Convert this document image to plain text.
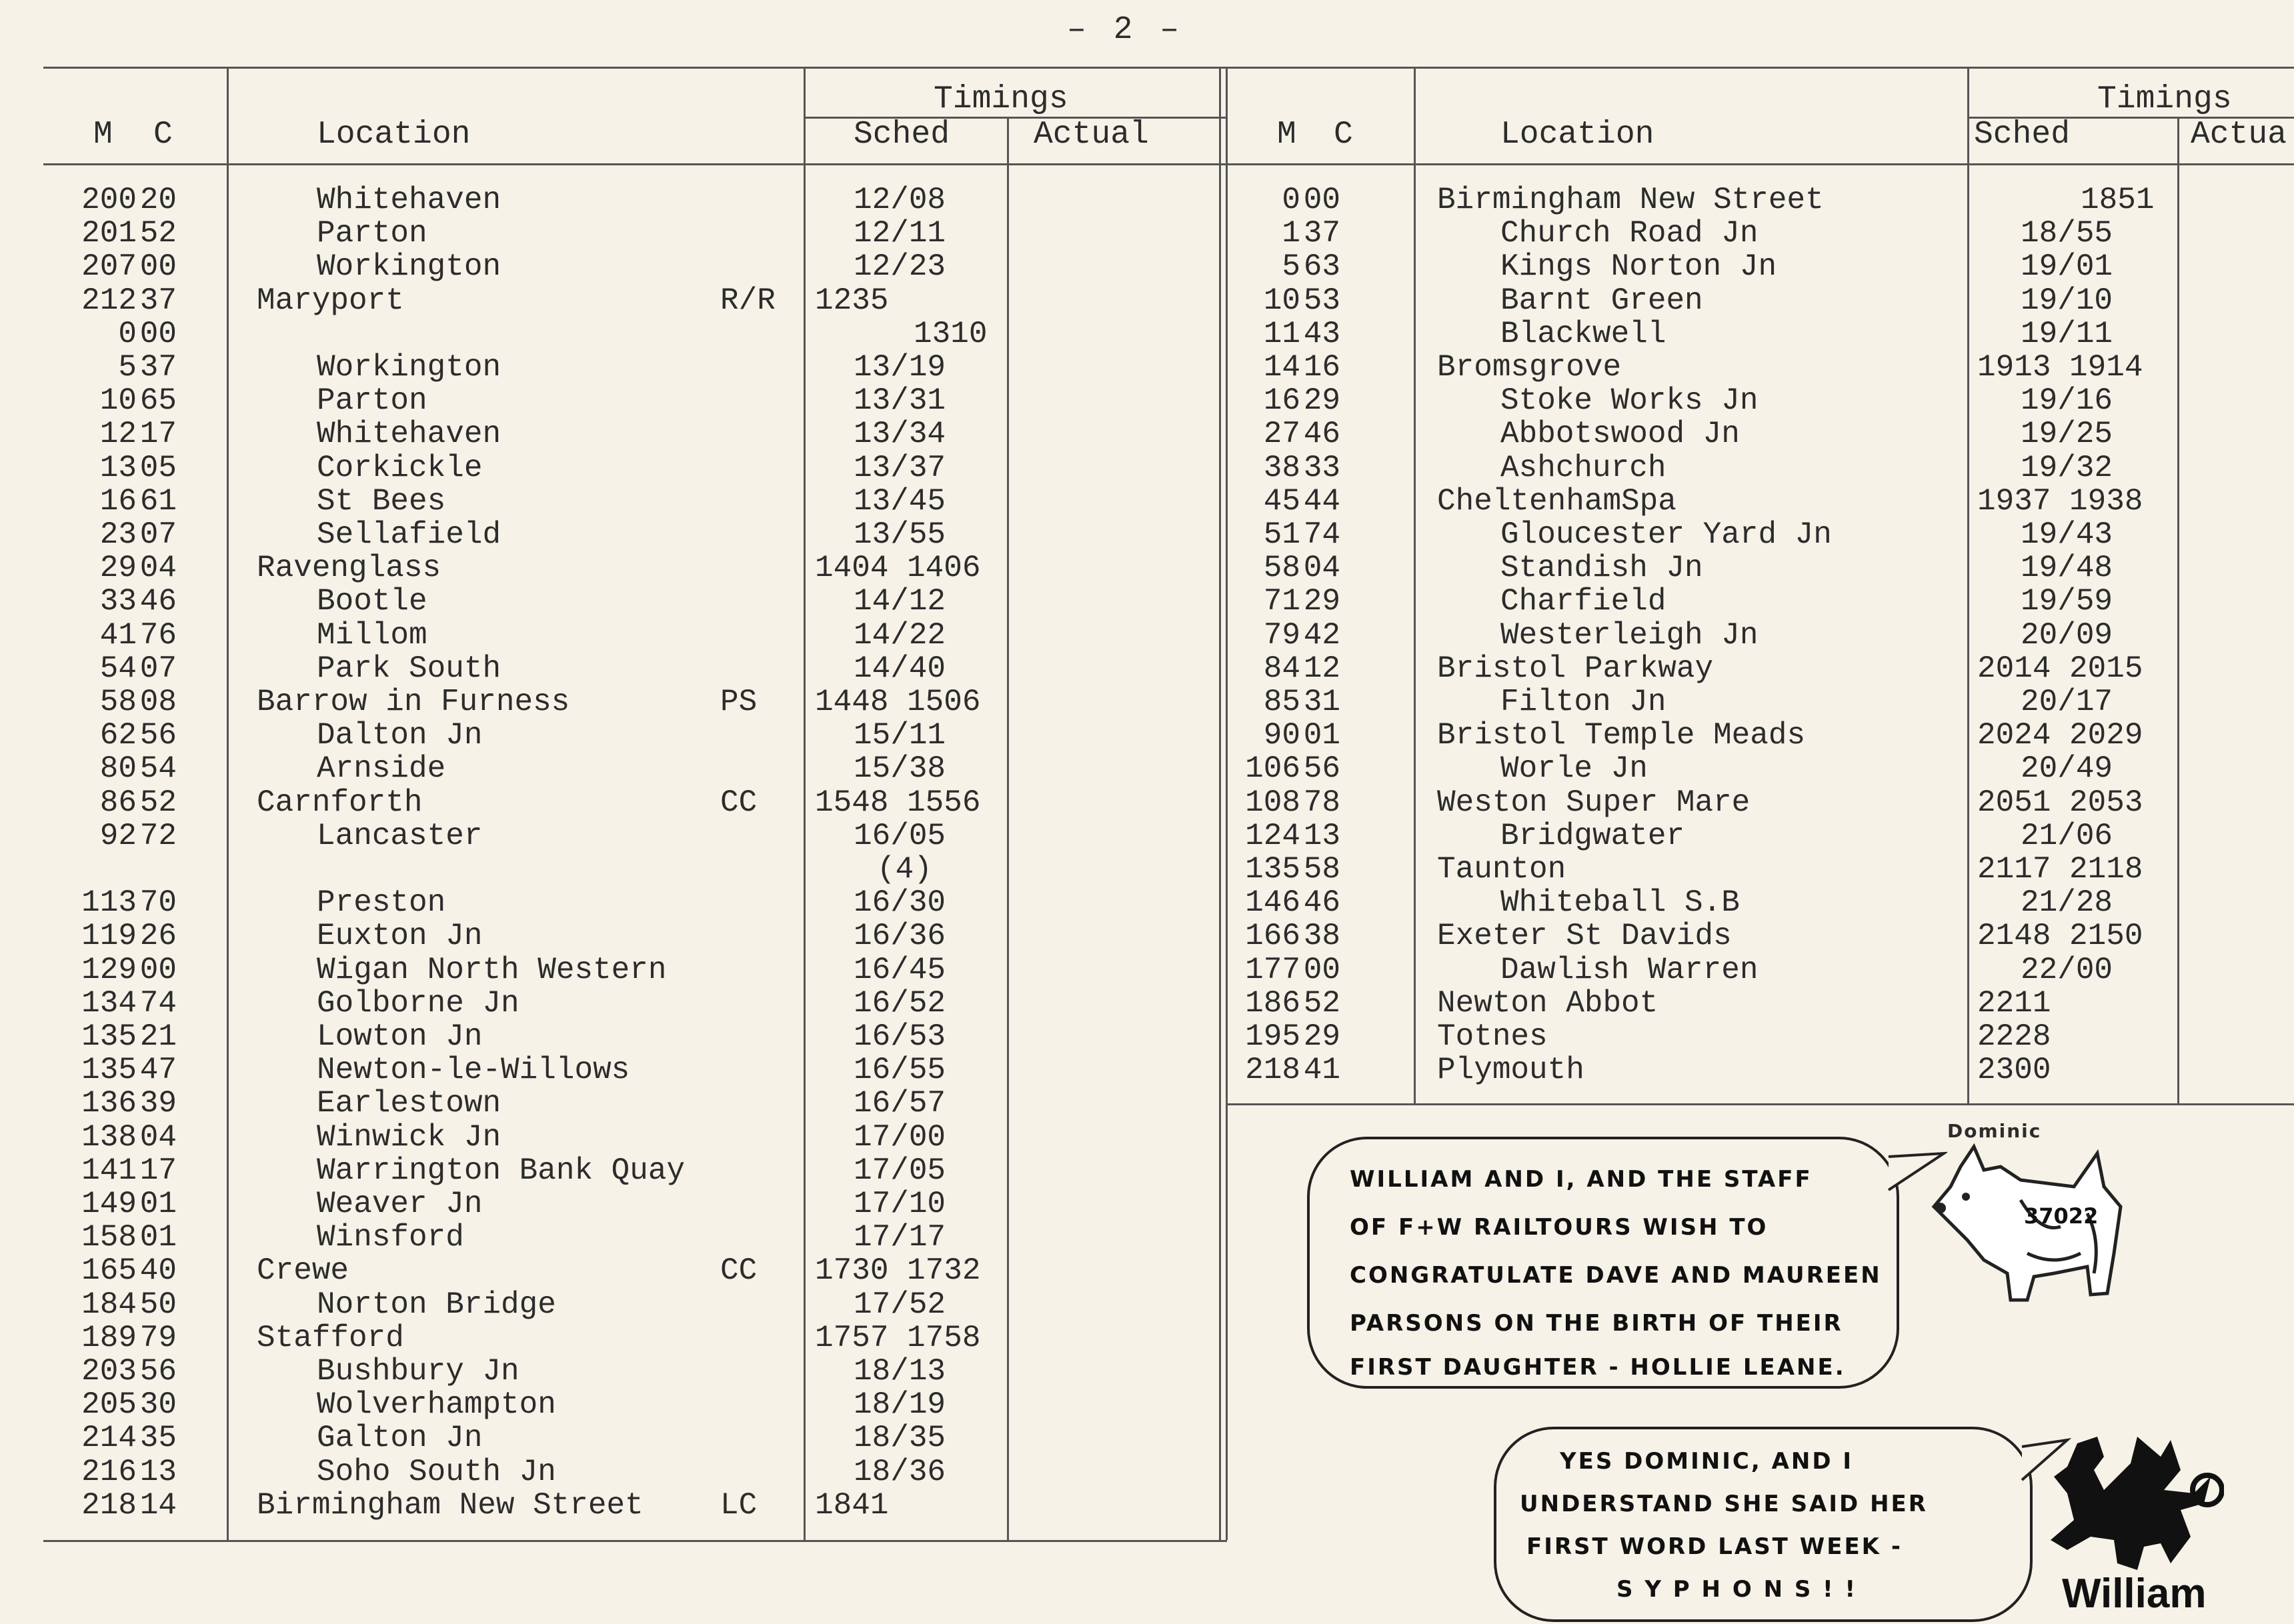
– 2 –
M C	Location
Timings
Sched	Actual
200 20	Whitehaven	12/08
201 52	Parton	12/11
207 00	Workington	12/23
212 37	Maryport	R/R 1235
0 00	1310
5 37	Workington	13/19
10 65	Parton	13/31
12 17	Whitehaven	13/34
13 05	Corkickle	13/37
16 61	St Bees	13/45
23 07	Sellafield	13/55
29 04	Ravenglass	1404 1406
33 46	Bootle	14/12
41 76	Millom	14/22
54 07	Park South	14/40
58 08	Barrow in Furness	PS 1448 1506
62 56	Dalton Jn	15/11
80 54	Arnside	15/38
86 52	Carnforth	CC 1548 1556
92 72	Lancaster	16/05
(4)
113 70	Preston	16/30
119 26	Euxton Jn	16/36
129 00	Wigan North Western	16/45
134 74	Golborne Jn	16/52
135 21	Lowton Jn	16/53
135 47	Newton-le-Willows	16/55
136 39	Earlestown	16/57
138 04	Winwick Jn	17/00
141 17	Warrington Bank Quay	17/05
149 01	Weaver Jn	17/10
158 01	Winsford	17/17
165 40	Crewe	CC 1730 1732
184 50	Norton Bridge	17/52
189 79	Stafford	1757 1758
203 56	Bushbury Jn	18/13
205 30	Wolverhampton	18/19
214 35	Galton Jn	18/35
216 13	Soho South Jn	18/36
218 14	Birmingham New Street	LC 1841
M C	Location
Timings
Sched	Actua
0 00	Birmingham New Street	1851
1 37	Church Road Jn	18/55
5 63	Kings Norton Jn	19/01
10 53	Barnt Green	19/10
11 43	Blackwell	19/11
14 16	Bromsgrove	1913 1914
16 29	Stoke Works Jn	19/16
27 46	Abbotswood Jn	19/25
38 33	Ashchurch	19/32
45 44	CheltenhamSpa	1937 1938
51 74	Gloucester Yard Jn	19/43
58 04	Standish Jn	19/48
71 29	Charfield	19/59
79 42	Westerleigh Jn	20/09
84 12	Bristol Parkway	2014 2015
85 31	Filton Jn	20/17
90 01	Bristol Temple Meads	2024 2029
106 56	Worle Jn	20/49
108 78	Weston Super Mare	2051 2053
124 13	Bridgwater	21/06
135 58	Taunton	2117 2118
146 46	Whiteball S.B	21/28
166 38	Exeter St Davids	2148 2150
177 00	Dawlish Warren	22/00
186 52	Newton Abbot	2211
195 29	Totnes	2228
218 41	Plymouth	2300
WILLIAM AND I, AND THE STAFF
OF F+W RAILTOURS WISH TO
CONGRATULATE DAVE AND MAUREEN
PARSONS ON THE BIRTH OF THEIR
FIRST DAUGHTER - HOLLIE LEANE.
Dominic
37022
YES DOMINIC, AND I
UNDERSTAND SHE SAID HER
FIRST WORD LAST WEEK -
S Y P H O N S ! !	William
